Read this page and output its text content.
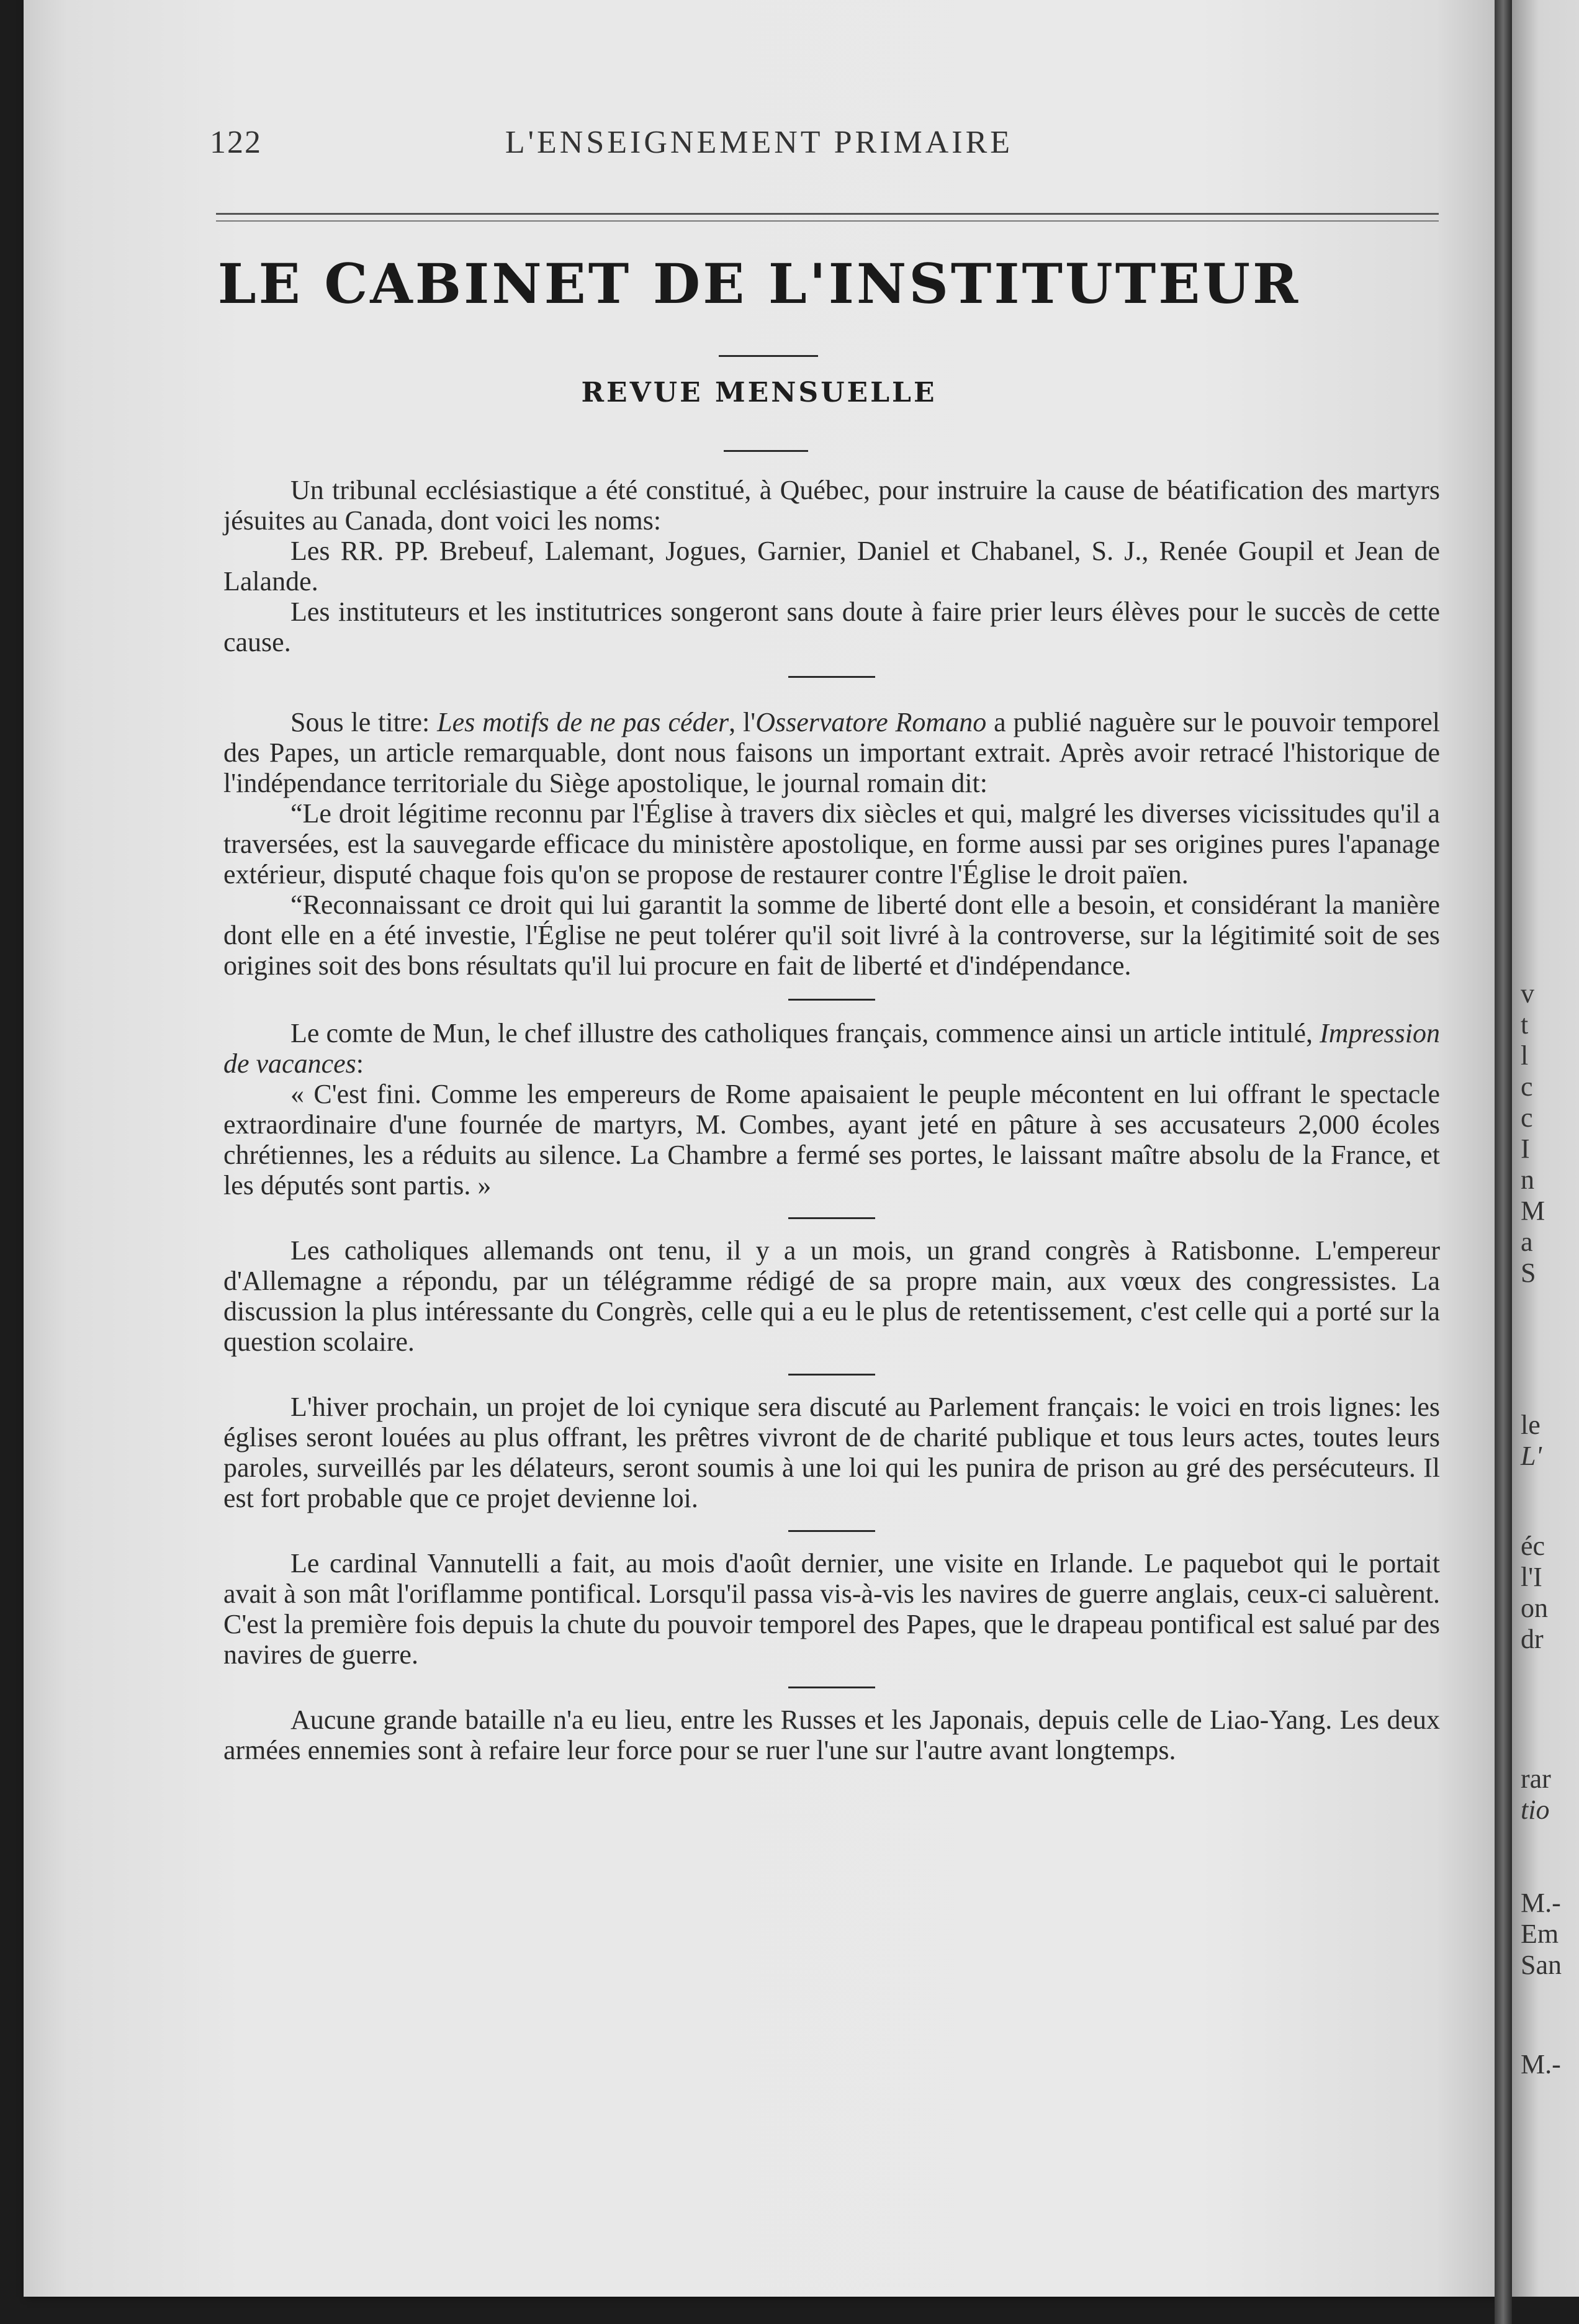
122	L'ENSEIGNEMENT PRIMAIRE
LE CABINET DE L'INSTITUTEUR
REVUE MENSUELLE

Un tribunal ecclésiastique a été constitué, à Québec, pour instruire la cause de béatification des martyrs jésuites au Canada, dont voici les noms:

Les RR. PP. Brebeuf, Lalemant, Jogues, Garnier, Daniel et Chabanel, S. J., Renée Goupil et Jean de Lalande.

Les instituteurs et les institutrices songeront sans doute à faire prier leurs élèves pour le succès de cette cause.

Sous le titre: Les motifs de ne pas céder, l'Osservatore Romano a publié naguère sur le pouvoir temporel des Papes, un article remarquable, dont nous faisons un important extrait. Après avoir retracé l'historique de l'indépendance territoriale du Siège apostolique, le journal romain dit:

“Le droit légitime reconnu par l'Église à travers dix siècles et qui, malgré les diverses vicissitudes qu'il a traversées, est la sauvegarde efficace du ministère apostolique, en forme aussi par ses origines pures l'apanage extérieur, disputé chaque fois qu'on se propose de restaurer contre l'Église le droit païen.

“Reconnaissant ce droit qui lui garantit la somme de liberté dont elle a besoin, et considérant la manière dont elle en a été investie, l'Église ne peut tolérer qu'il soit livré à la controverse, sur la légitimité soit de ses origines soit des bons résultats qu'il lui procure en fait de liberté et d'indépendance.

Le comte de Mun, le chef illustre des catholiques français, commence ainsi un article intitulé, Impression de vacances:

« C'est fini. Comme les empereurs de Rome apaisaient le peuple mécontent en lui offrant le spectacle extraordinaire d'une fournée de martyrs, M. Combes, ayant jeté en pâture à ses accusateurs 2,000 écoles chrétiennes, les a réduits au silence. La Chambre a fermé ses portes, le laissant maître absolu de la France, et les députés sont partis. »

Les catholiques allemands ont tenu, il y a un mois, un grand congrès à Ratisbonne. L'empereur d'Allemagne a répondu, par un télégramme rédigé de sa propre main, aux vœux des congressistes. La discussion la plus intéressante du Congrès, celle qui a eu le plus de retentissement, c'est celle qui a porté sur la question scolaire.

L'hiver prochain, un projet de loi cynique sera discuté au Parlement français: le voici en trois lignes: les églises seront louées au plus offrant, les prêtres vivront de de charité publique et tous leurs actes, toutes leurs paroles, surveillés par les délateurs, seront soumis à une loi qui les punira de prison au gré des persécuteurs. Il est fort probable que ce projet devienne loi.

Le cardinal Vannutelli a fait, au mois d'août dernier, une visite en Irlande. Le paquebot qui le portait avait à son mât l'oriflamme pontifical. Lorsqu'il passa vis-à-vis les navires de guerre anglais, ceux-ci saluèrent. C'est la première fois depuis la chute du pouvoir temporel des Papes, que le drapeau pontifical est salué par des navires de guerre.

Aucune grande bataille n'a eu lieu, entre les Russes et les Japonais, depuis celle de Liao-Yang. Les deux armées ennemies sont à refaire leur force pour se ruer l'une sur l'autre avant longtemps.

v
t
l
c
c
I
n
M
a
S
le
L'
éc
l'I
on
dr
rar
tio
M.-
Em
San
M.-
